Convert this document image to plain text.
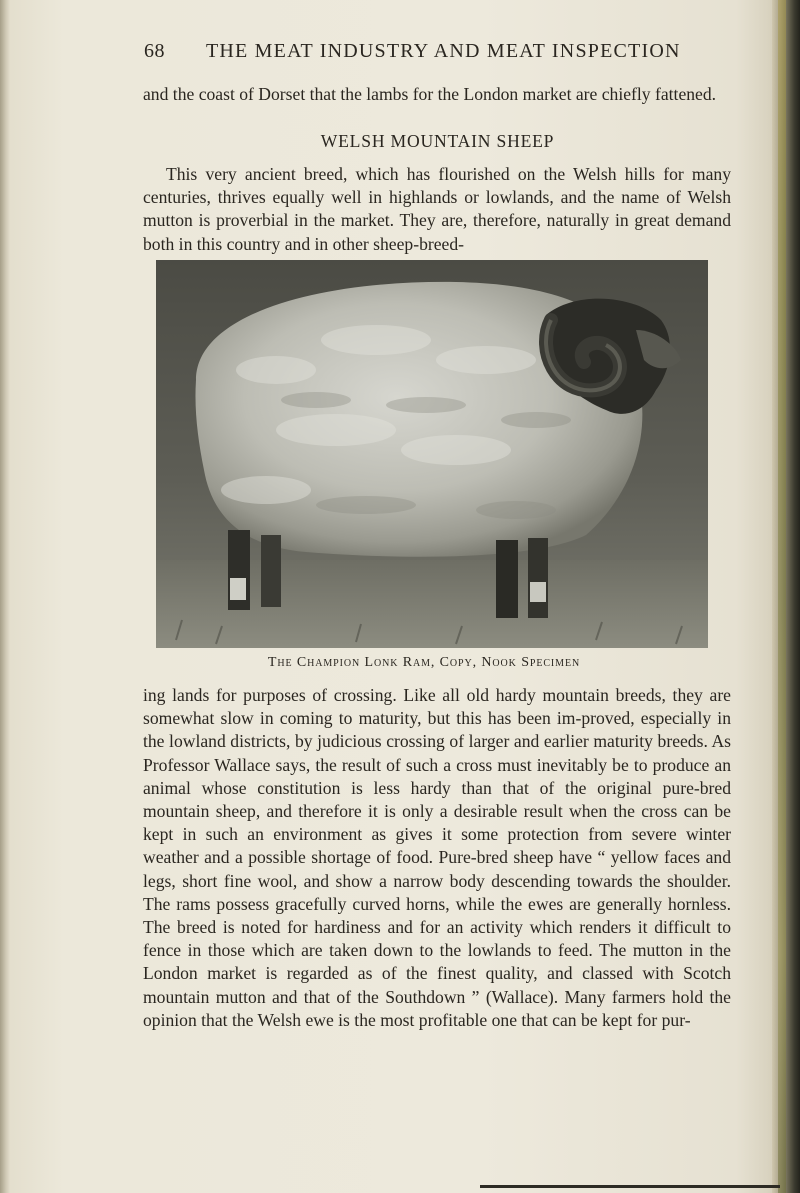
68 THE MEAT INDUSTRY AND MEAT INSPECTION

and the coast of Dorset that the lambs for the London market are chiefly fattened.

WELSH MOUNTAIN SHEEP

This very ancient breed, which has flourished on the Welsh hills for many centuries, thrives equally well in highlands or lowlands, and the name of Welsh mutton is proverbial in the market. They are, therefore, naturally in great demand both in this country and in other sheep-breed-

The Champion Lonk Ram, Copy, Nook Specimen

ing lands for purposes of crossing. Like all old hardy mountain breeds, they are somewhat slow in coming to maturity, but this has been im-proved, especially in the lowland districts, by judicious crossing of larger and earlier maturity breeds. As Professor Wallace says, the result of such a cross must inevitably be to produce an animal whose constitution is less hardy than that of the original pure-bred mountain sheep, and therefore it is only a desirable result when the cross can be kept in such an environment as gives it some protection from severe winter weather and a possible shortage of food. Pure-bred sheep have “ yellow faces and legs, short fine wool, and show a narrow body descending towards the shoulder. The rams possess gracefully curved horns, while the ewes are generally hornless. The breed is noted for hardiness and for an activity which renders it difficult to fence in those which are taken down to the lowlands to feed. The mutton in the London market is regarded as of the finest quality, and classed with Scotch mountain mutton and that of the Southdown ” (Wallace). Many farmers hold the opinion that the Welsh ewe is the most profitable one that can be kept for pur-
